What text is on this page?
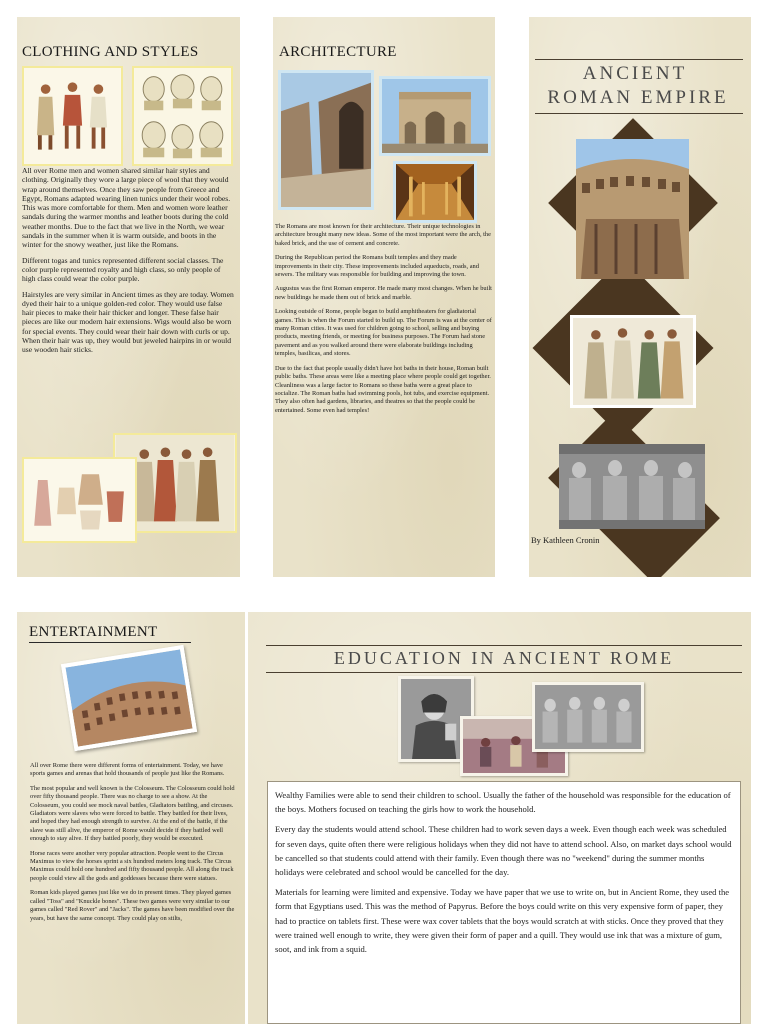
CLOTHING AND STYLES

All over Rome men and women shared similar hair styles and clothing. Originally they wore a large piece of wool that they would wrap around themselves. Once they saw people from Greece and Egypt, Romans adapted wearing linen tunics under their wool robes. This was more comfortable for them. Men and women wore leather sandals during the warmer months and leather boots during the cold weather months. Due to the fact that we live in the North, we wear sandals in the summer when it is warm outside, and boots in the winter for the snowy weather, just like the Romans.

Different togas and tunics represented different social classes. The color purple represented royalty and high class, so only people of high class could wear the color purple.

Hairstyles are very similar in Ancient times as they are today. Women dyed their hair to a unique golden-red color. They would use false hair pieces to make their hair thicker and longer. These false hair pieces are like our modern hair extensions. Wigs would also be worn for special events. They could wear their hair down with curls or up. When their hair was up, they would but jeweled hairpins in or would use wooden hair sticks.

ARCHITECTURE

The Romans are most known for their architecture. Their unique technologies in architecture brought many new ideas. Some of the most important were the arch, the baked brick, and the use of cement and concrete.

During the Republican period the Romans built temples and they made improvements in their city. These improvements included aqueducts, roads, and sewers. The military was responsible for building and improving the town.

Augustus was the first Roman emperor. He made many most changes. When he built new buildings he made them out of brick and marble.

Looking outside of Rome, people began to build amphitheaters for gladiatorial games. This is when the Forum started to build up. The Forum is was at the center of many Roman cities. It was used for children going to school, selling and buying products, meeting friends, or meeting for business purposes. The Forum had stone pavement and as you walked around there were elaborate buildings including temples, basilicas, and stores.

Due to the fact that people usually didn't have hot baths in their house, Roman built public baths. These areas were like a meeting place where people could get together. Cleanliness was a large factor to Romans so these baths were a great place to socialize. The Roman baths had swimming pools, hot tubs, and exercise equipment. They also often had gardens, libraries, and theatres so that the people could be entertained. Some even had temples!

ANCIENT
ROMAN EMPIRE
By Kathleen Cronin
ENTERTAINMENT

All over Rome there were different forms of entertainment. Today, we have sports games and arenas that hold thousands of people just like the Romans.

The most popular and well known is the Colosseum. The Colosseum could hold over fifty thousand people. There was no charge to see a show. At the Colosseum, you could see mock naval battles, Gladiators battling, and circuses. Gladiators were slaves who were forced to battle. They battled for their lives, and hoped they had enough strength to survive. At the end of the battle, if the slave was still alive, the emperor of Rome would decide if they battled well enough to stay alive. If they battled poorly, they would be executed.

Horse races were another very popular attraction. People went to the Circus Maximus to view the horses sprint a six hundred meters long track. The Circus Maximus could hold one hundred and fifty thousand people. All along the track people could view all the gods and goddesses because there were statues.

Roman kids played games just like we do in present times. They played games called "Toss" and "Knuckle bones". These two games were very similar to our games called "Red Rover" and "Jacks". The games have been modified over the years, but have the same concept. They could play on stilts,

EDUCATION IN ANCIENT ROME

Wealthy Families were able to send their children to school. Usually the father of the household was responsible for the education of the boys. Mothers focused on teaching the girls how to work the household.

Every day the students would attend school. These children had to work seven days a week. Even though each week was scheduled for seven days, quite often there were religious holidays when they did not have to attend school. Also, on market days school would be cancelled so that students could attend with their family. Even though there was no "weekend" during the summer months holidays were celebrated and school would be cancelled for the day.

Materials for learning were limited and expensive. Today we have paper that we use to write on, but in Ancient Rome, they used the form that Egyptians used. This was the method of Papyrus. Before the boys could write on this very expensive form of paper, they had to practice on tablets first. These were wax cover tablets that the boys would scratch at with sticks. Once they proved that they were trained well enough to write, they were given their form of paper and a quill. They would use ink that was a mixture of gum, soot, and ink from a squid.
